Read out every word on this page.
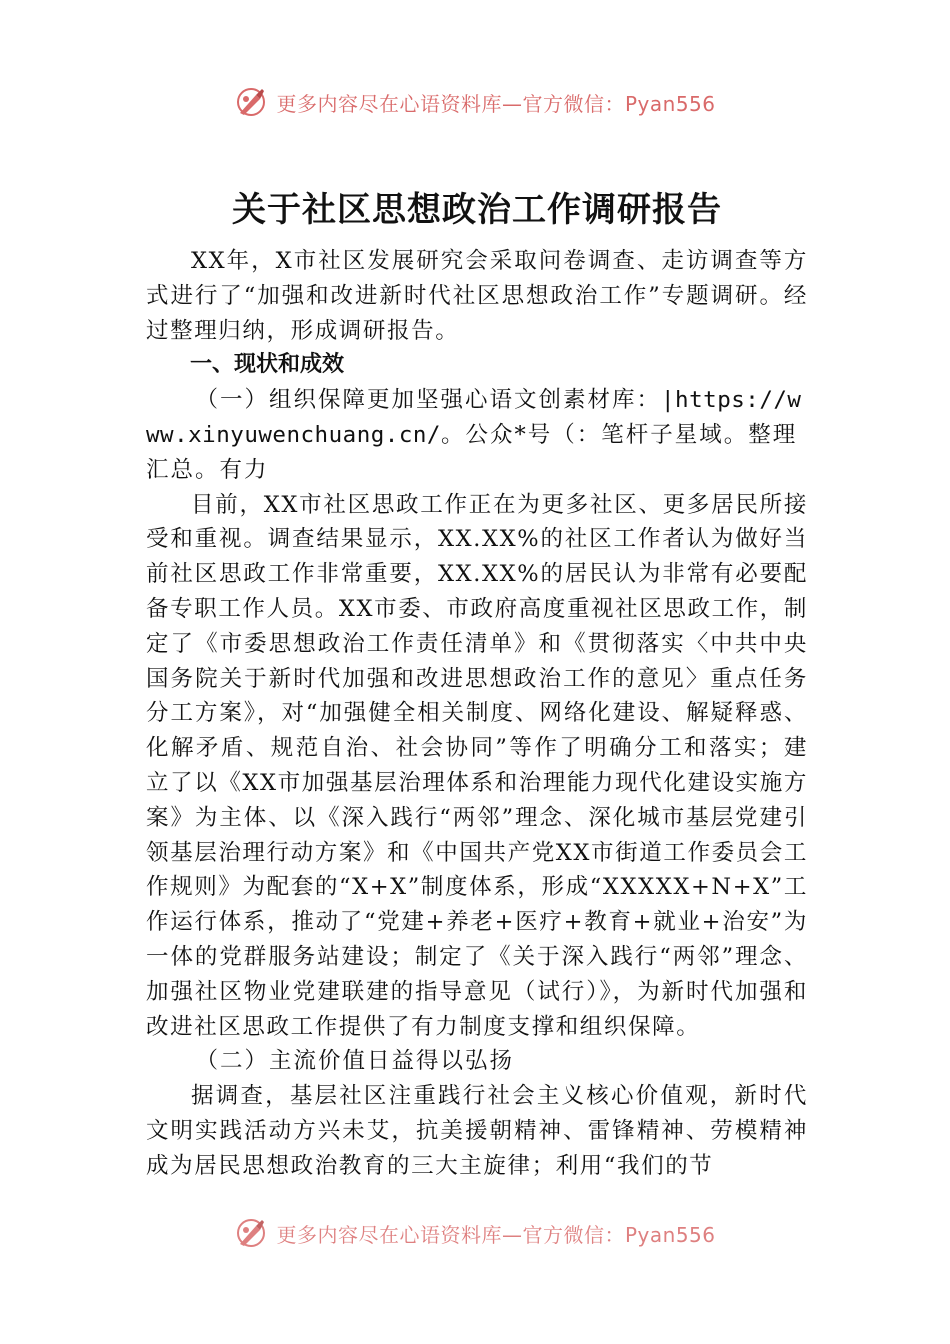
更多内容尽在心语资料库—官方微信：Pyan556
关于社区思想政治工作调研报告

XX年，X市社区发展研究会采取问卷调查、走访调查等方式进行了“加强和改进新时代社区思想政治工作”专题调研。经过整理归纳，形成调研报告。

一、现状和成效

（一）组织保障更加坚强心语文创素材库：|https://www.xinyuwenchuang.cn/。公众*号（：笔杆子星域。整理汇总。有力

目前，XX市社区思政工作正在为更多社区、更多居民所接受和重视。调查结果显示，XX.XX%的社区工作者认为做好当前社区思政工作非常重要，XX.XX%的居民认为非常有必要配备专职工作人员。XX市委、市政府高度重视社区思政工作，制定了《市委思想政治工作责任清单》和《贯彻落实〈中共中央国务院关于新时代加强和改进思想政治工作的意见〉重点任务分工方案》，对“加强健全相关制度、网络化建设、解疑释惑、化解矛盾、规范自治、社会协同”等作了明确分工和落实；建立了以《XX市加强基层治理体系和治理能力现代化建设实施方案》为主体、以《深入践行“两邻”理念、深化城市基层党建引领基层治理行动方案》和《中国共产党XX市街道工作委员会工作规则》为配套的“X+X”制度体系，形成“XXXXX+N+X”工作运行体系，推动了“党建+养老+医疗+教育+就业+治安”为一体的党群服务站建设；制定了《关于深入践行“两邻”理念、加强社区物业党建联建的指导意见（试行）》，为新时代加强和改进社区思政工作提供了有力制度支撑和组织保障。

（二）主流价值日益得以弘扬

据调查，基层社区注重践行社会主义核心价值观，新时代文明实践活动方兴未艾，抗美援朝精神、雷锋精神、劳模精神成为居民思想政治教育的三大主旋律；利用“我们的节

更多内容尽在心语资料库—官方微信：Pyan556
